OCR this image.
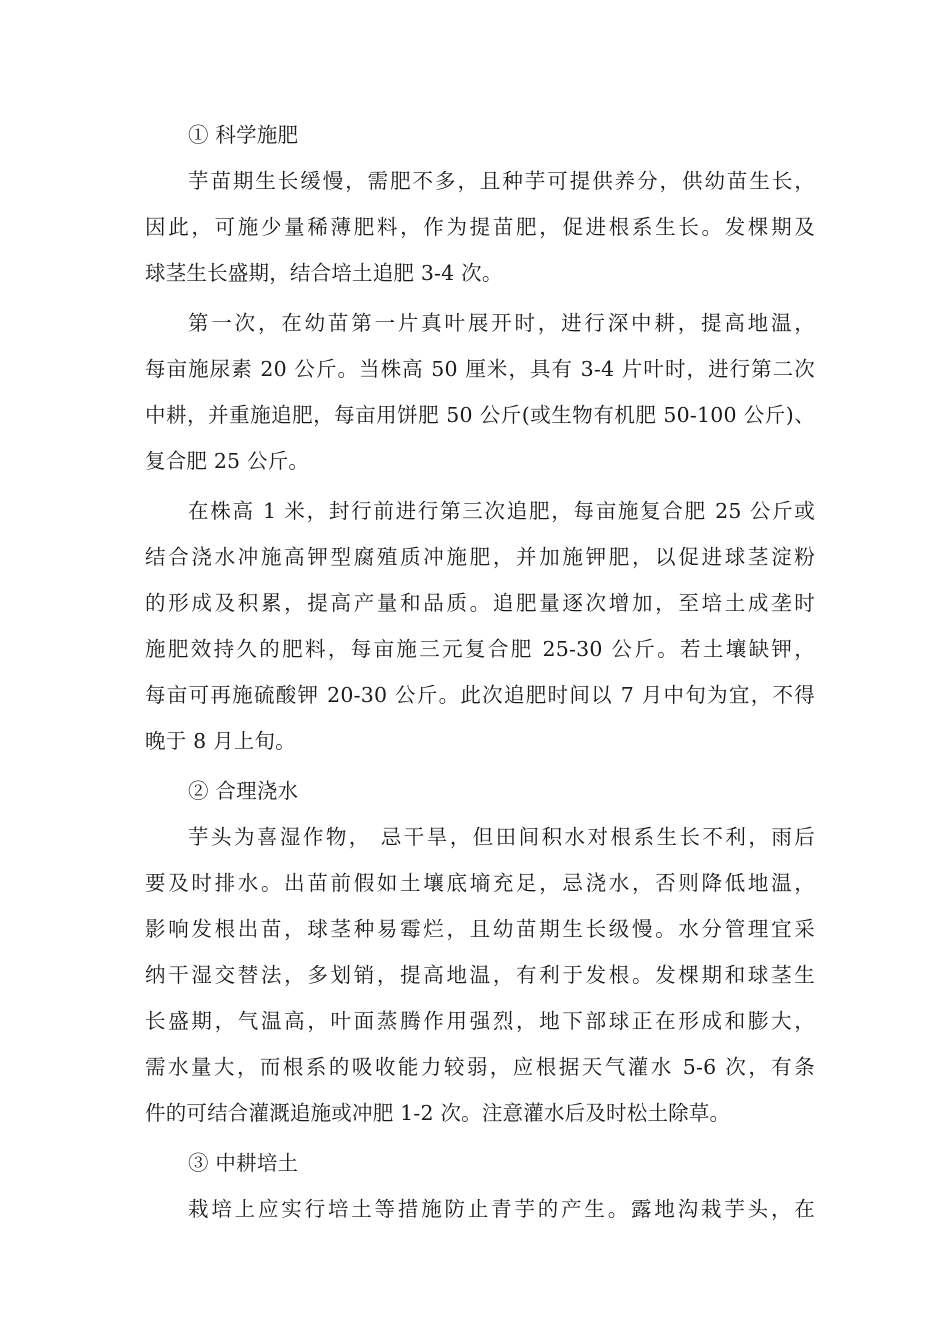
① 科学施肥
芋苗期生长缓慢，需肥不多，且种芋可提供养分，供幼苗生长，
因此，可施少量稀薄肥料，作为提苗肥，促进根系生长。发棵期及
球茎生长盛期，结合培土追肥 3-4 次。
第一次，在幼苗第一片真叶展开时，进行深中耕，提高地温，
每亩施尿素 20 公斤。当株高 50 厘米，具有 3-4 片叶时，进行第二次
中耕，并重施追肥，每亩用饼肥 50 公斤(或生物有机肥 50-100 公斤)、
复合肥 25 公斤。
在株高 1 米，封行前进行第三次追肥，每亩施复合肥 25 公斤或
结合浇水冲施高钾型腐殖质冲施肥，并加施钾肥，以促进球茎淀粉
的形成及积累，提高产量和品质。追肥量逐次增加，至培土成垄时
施肥效持久的肥料，每亩施三元复合肥 25-30 公斤。若土壤缺钾，
每亩可再施硫酸钾 20-30 公斤。此次追肥时间以 7 月中旬为宜，不得
晚于 8 月上旬。
② 合理浇水
芋头为喜湿作物， 忌干旱，但田间积水对根系生长不利，雨后
要及时排水。出苗前假如土壤底墒充足，忌浇水，否则降低地温，
影响发根出苗，球茎种易霉烂，且幼苗期生长级慢。水分管理宜采
纳干湿交替法，多划销，提高地温，有利于发根。发棵期和球茎生
长盛期，气温高，叶面蒸腾作用强烈，地下部球正在形成和膨大，
需水量大，而根系的吸收能力较弱，应根据天气灌水 5-6 次，有条
件的可结合灌溉追施或冲肥 1-2 次。注意灌水后及时松土除草。
③ 中耕培土
栽培上应实行培土等措施防止青芋的产生。露地沟栽芋头，在
